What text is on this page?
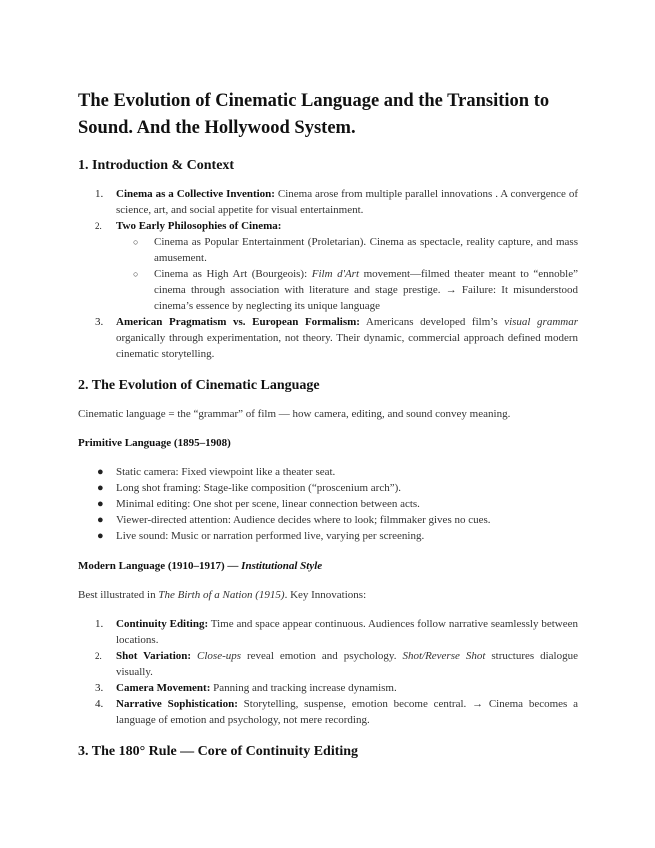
The Evolution of Cinematic Language and the Transition to Sound. And the Hollywood System.
1. Introduction & Context
1. Cinema as a Collective Invention: Cinema arose from multiple parallel innovations . A convergence of science, art, and social appetite for visual entertainment.
2. Two Early Philosophies of Cinema:
○ Cinema as Popular Entertainment (Proletarian). Cinema as spectacle, reality capture, and mass amusement.
○ Cinema as High Art (Bourgeois): Film d'Art movement—filmed theater meant to “ennoble” cinema through association with literature and stage prestige. → Failure: It misunderstood cinema’s essence by neglecting its unique language
3. American Pragmatism vs. European Formalism: Americans developed film’s visual grammar organically through experimentation, not theory. Their dynamic, commercial approach defined modern cinematic storytelling.
2. The Evolution of Cinematic Language

Cinematic language = the “grammar” of film — how camera, editing, and sound convey meaning.

Primitive Language (1895–1908)
● Static camera: Fixed viewpoint like a theater seat.
● Long shot framing: Stage-like composition (“proscenium arch”).
● Minimal editing: One shot per scene, linear connection between acts.
● Viewer-directed attention: Audience decides where to look; filmmaker gives no cues.
● Live sound: Music or narration performed live, varying per screening.
Modern Language (1910–1917) — Institutional Style

Best illustrated in The Birth of a Nation (1915). Key Innovations:

1. Continuity Editing: Time and space appear continuous. Audiences follow narrative seamlessly between locations.
2. Shot Variation: Close-ups reveal emotion and psychology. Shot/Reverse Shot structures dialogue visually.
3. Camera Movement: Panning and tracking increase dynamism.
4. Narrative Sophistication: Storytelling, suspense, emotion become central. → Cinema becomes a language of emotion and psychology, not mere recording.
3. The 180° Rule — Core of Continuity Editing
